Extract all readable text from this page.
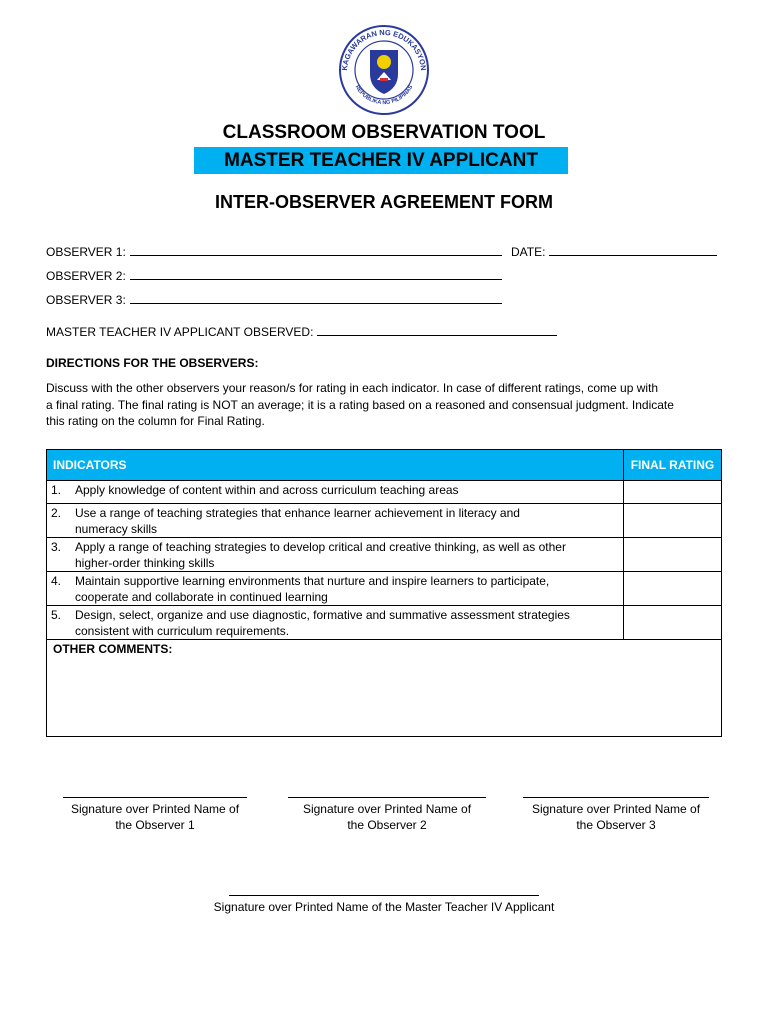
KAGAWARAN NG EDUKASYON
REPUBLIKA NG PILIPINAS
CLASSROOM OBSERVATION TOOL
MASTER TEACHER IV APPLICANT
INTER-OBSERVER AGREEMENT FORM
OBSERVER 1:	DATE:
OBSERVER 2:
OBSERVER 3:
MASTER TEACHER IV APPLICANT OBSERVED:
DIRECTIONS FOR THE OBSERVERS:
Discuss with the other observers your reason/s for rating in each indicator. In case of different ratings, come up with
a final rating. The final rating is NOT an average; it is a rating based on a reasoned and consensual judgment. Indicate
this rating on the column for Final Rating.
INDICATORS	FINAL RATING

1. Apply knowledge of content within and across curriculum teaching areas	

2. Use a range of teaching strategies that enhance learner achievement in literacy and
numeracy skills	

3. Apply a range of teaching strategies to develop critical and creative thinking, as well as other
higher-order thinking skills	

4. Maintain supportive learning environments that nurture and inspire learners to participate,
cooperate and collaborate in continued learning	

5. Design, select, organize and use diagnostic, formative and summative assessment strategies
consistent with curriculum requirements.	

OTHER COMMENTS:	
Signature over Printed Name of
the Observer 1
Signature over Printed Name of
the Observer 2
Signature over Printed Name of
the Observer 3
Signature over Printed Name of the Master Teacher IV Applicant
